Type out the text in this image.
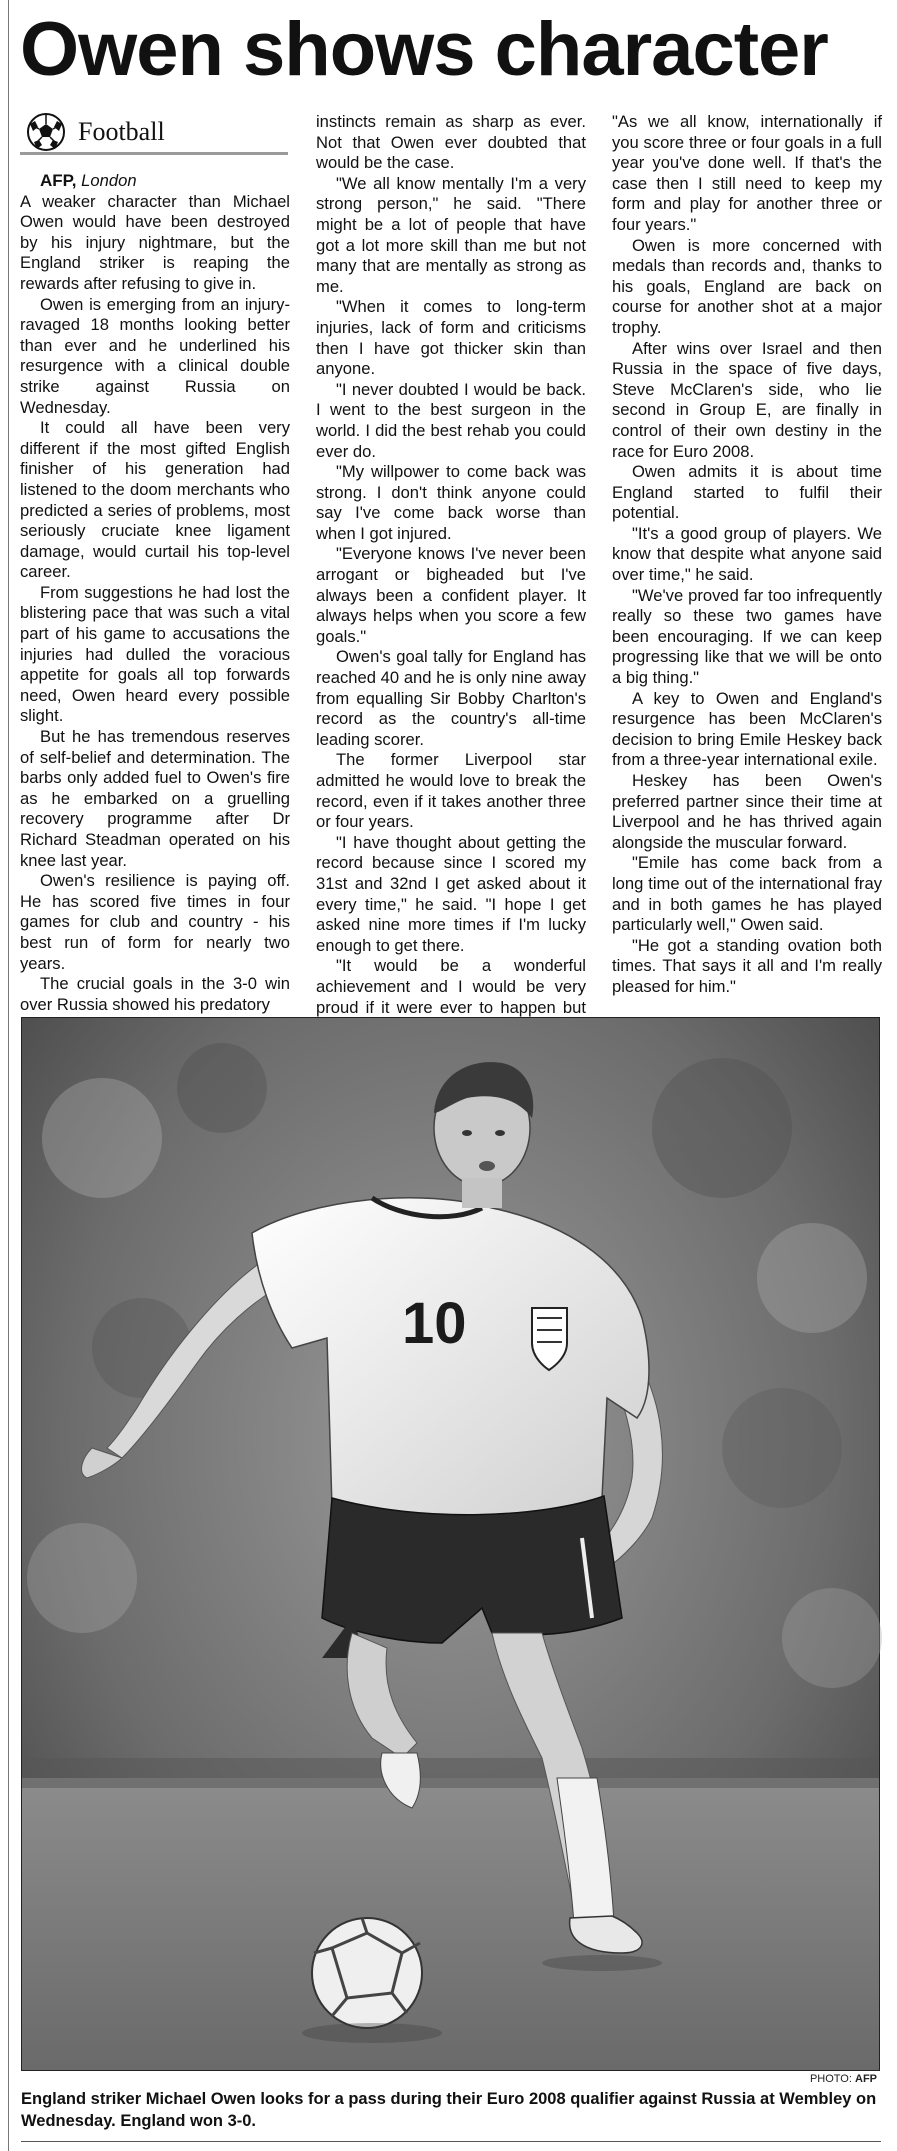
Owen shows character
Football

AFP, London

A weaker character than Michael Owen would have been destroyed by his injury nightmare, but the England striker is reaping the rewards after refusing to give in.

Owen is emerging from an injury-ravaged 18 months looking better than ever and he underlined his resurgence with a clinical double strike against Russia on Wednesday.

It could all have been very different if the most gifted English finisher of his generation had listened to the doom merchants who predicted a series of problems, most seriously cruciate knee ligament damage, would curtail his top-level career.

From suggestions he had lost the blistering pace that was such a vital part of his game to accusations the injuries had dulled the voracious appetite for goals all top forwards need, Owen heard every possible slight.

But he has tremendous reserves of self-belief and determination. The barbs only added fuel to Owen's fire as he embarked on a gruelling recovery programme after Dr Richard Steadman operated on his knee last year.

Owen's resilience is paying off. He has scored five times in four games for club and country - his best run of form for nearly two years.

The crucial goals in the 3-0 win over Russia showed his predatory

instincts remain as sharp as ever. Not that Owen ever doubted that would be the case.

"We all know mentally I'm a very strong person," he said. "There might be a lot of people that have got a lot more skill than me but not many that are mentally as strong as me.

"When it comes to long-term injuries, lack of form and criticisms then I have got thicker skin than anyone.

"I never doubted I would be back. I went to the best surgeon in the world. I did the best rehab you could ever do.

"My willpower to come back was strong. I don't think anyone could say I've come back worse than when I got injured.

"Everyone knows I've never been arrogant or bigheaded but I've always been a confident player. It always helps when you score a few goals."

Owen's goal tally for England has reached 40 and he is only nine away from equalling Sir Bobby Charlton's record as the country's all-time leading scorer.

The former Liverpool star admitted he would love to break the record, even if it takes another three or four years.

"I have thought about getting the record because since I scored my 31st and 32nd I get asked about it every time," he said. "I hope I get asked nine more times if I'm lucky enough to get there.

"It would be a wonderful achievement and I would be very proud if it were ever to happen but

"As we all know, internationally if you score three or four goals in a full year you've done well. If that's the case then I still need to keep my form and play for another three or four years."

Owen is more concerned with medals than records and, thanks to his goals, England are back on course for another shot at a major trophy.

After wins over Israel and then Russia in the space of five days, Steve McClaren's side, who lie second in Group E, are finally in control of their own destiny in the race for Euro 2008.

Owen admits it is about time England started to fulfil their potential.

"It's a good group of players. We know that despite what anyone said over time," he said.

"We've proved far too infrequently really so these two games have been encouraging. If we can keep progressing like that we will be onto a big thing."

A key to Owen and England's resurgence has been McClaren's decision to bring Emile Heskey back from a three-year international exile.

Heskey has been Owen's preferred partner since their time at Liverpool and he has thrived again alongside the muscular forward.

"Emile has come back from a long time out of the international fray and in both games he has played particularly well," Owen said.

"He got a standing ovation both times. That says it all and I'm really pleased for him."

10
PHOTO: AFP

England striker Michael Owen looks for a pass during their Euro 2008 qualifier against Russia at Wembley on Wednesday. England won 3-0.
